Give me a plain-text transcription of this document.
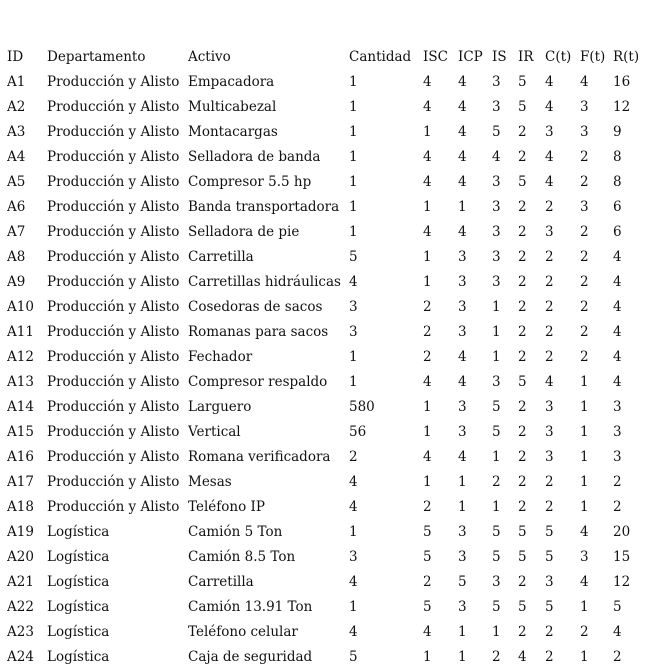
ID	Departamento	Activo	Cantidad	ISC	ICP	IS	IR	C(t)	F(t)	R(t)
A1	Producción y Alisto	Empacadora	1	4	4	3	5	4	4	16
A2	Producción y Alisto	Multicabezal	1	4	4	3	5	4	3	12
A3	Producción y Alisto	Montacargas	1	1	4	5	2	3	3	9
A4	Producción y Alisto	Selladora de banda	1	4	4	4	2	4	2	8
A5	Producción y Alisto	Compresor 5.5 hp	1	4	4	3	5	4	2	8
A6	Producción y Alisto	Banda transportadora	1	1	1	3	2	2	3	6
A7	Producción y Alisto	Selladora de pie	1	4	4	3	2	3	2	6
A8	Producción y Alisto	Carretilla	5	1	3	3	2	2	2	4
A9	Producción y Alisto	Carretillas hidráulicas	4	1	3	3	2	2	2	4
A10	Producción y Alisto	Cosedoras de sacos	3	2	3	1	2	2	2	4
A11	Producción y Alisto	Romanas para sacos	3	2	3	1	2	2	2	4
A12	Producción y Alisto	Fechador	1	2	4	1	2	2	2	4
A13	Producción y Alisto	Compresor respaldo	1	4	4	3	5	4	1	4
A14	Producción y Alisto	Larguero	580	1	3	5	2	3	1	3
A15	Producción y Alisto	Vertical	56	1	3	5	2	3	1	3
A16	Producción y Alisto	Romana verificadora	2	4	4	1	2	3	1	3
A17	Producción y Alisto	Mesas	4	1	1	2	2	2	1	2
A18	Producción y Alisto	Teléfono IP	4	2	1	1	2	2	1	2
A19	Logística	Camión 5 Ton	1	5	3	5	5	5	4	20
A20	Logística	Camión 8.5 Ton	3	5	3	5	5	5	3	15
A21	Logística	Carretilla	4	2	5	3	2	3	4	12
A22	Logística	Camión 13.91 Ton	1	5	3	5	5	5	1	5
A23	Logística	Teléfono celular	4	4	1	1	2	2	2	4
A24	Logística	Caja de seguridad	5	1	1	2	4	2	1	2
